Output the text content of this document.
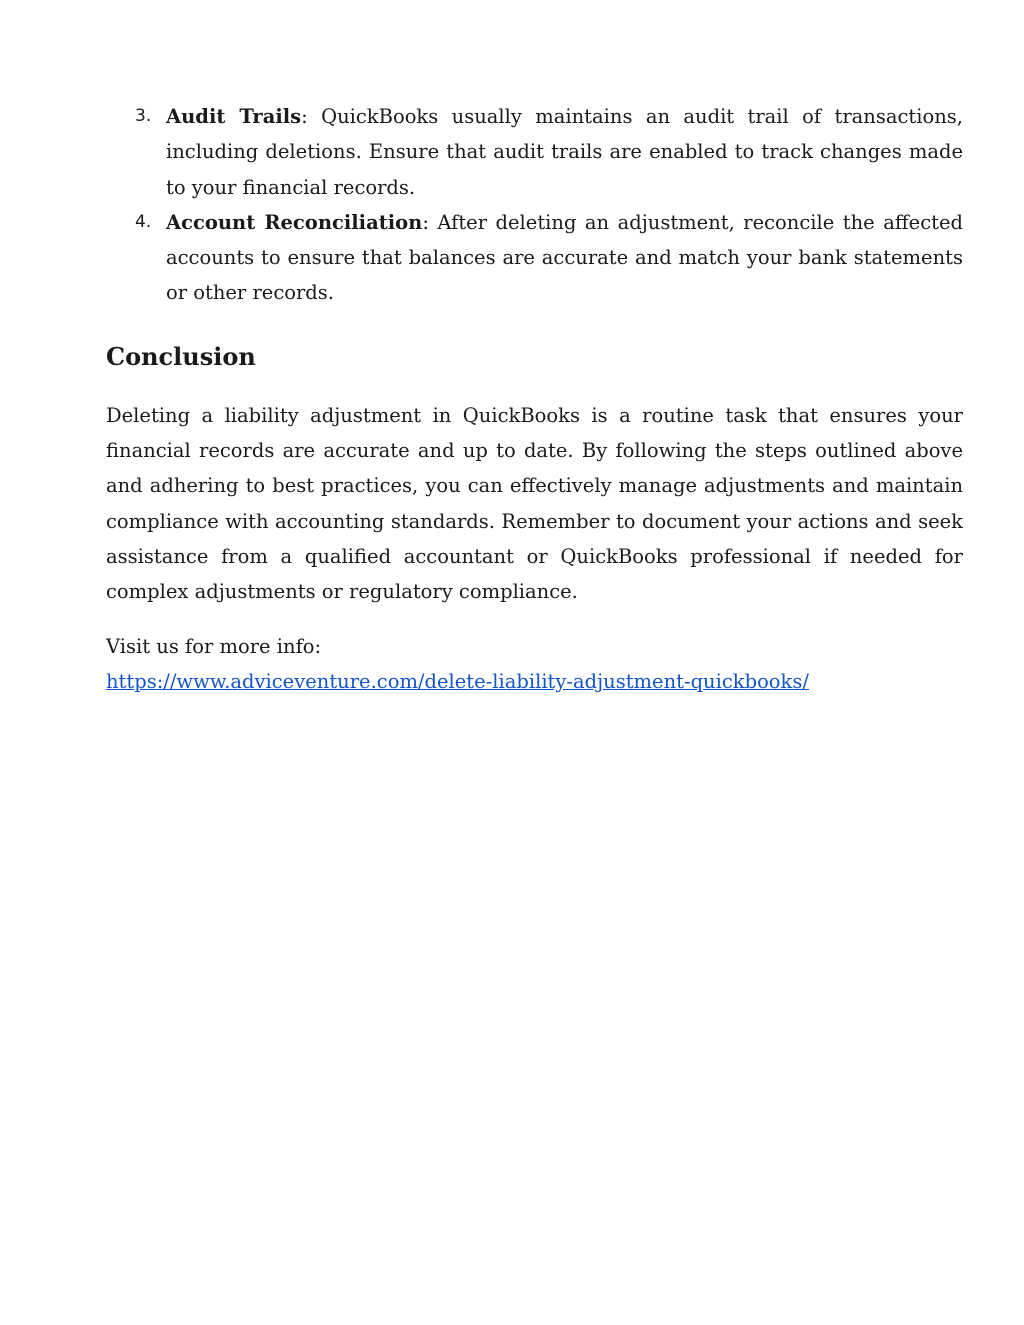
3. Audit Trails: QuickBooks usually maintains an audit trail of transactions, including deletions. Ensure that audit trails are enabled to track changes made to your financial records.
4. Account Reconciliation: After deleting an adjustment, reconcile the affected accounts to ensure that balances are accurate and match your bank statements or other records.
Conclusion

Deleting a liability adjustment in QuickBooks is a routine task that ensures your financial records are accurate and up to date. By following the steps outlined above and adhering to best practices, you can effectively manage adjustments and maintain compliance with accounting standards. Remember to document your actions and seek assistance from a qualified accountant or QuickBooks professional if needed for complex adjustments or regulatory compliance.

Visit us for more info:
https://www.adviceventure.com/delete-liability-adjustment-quickbooks/
